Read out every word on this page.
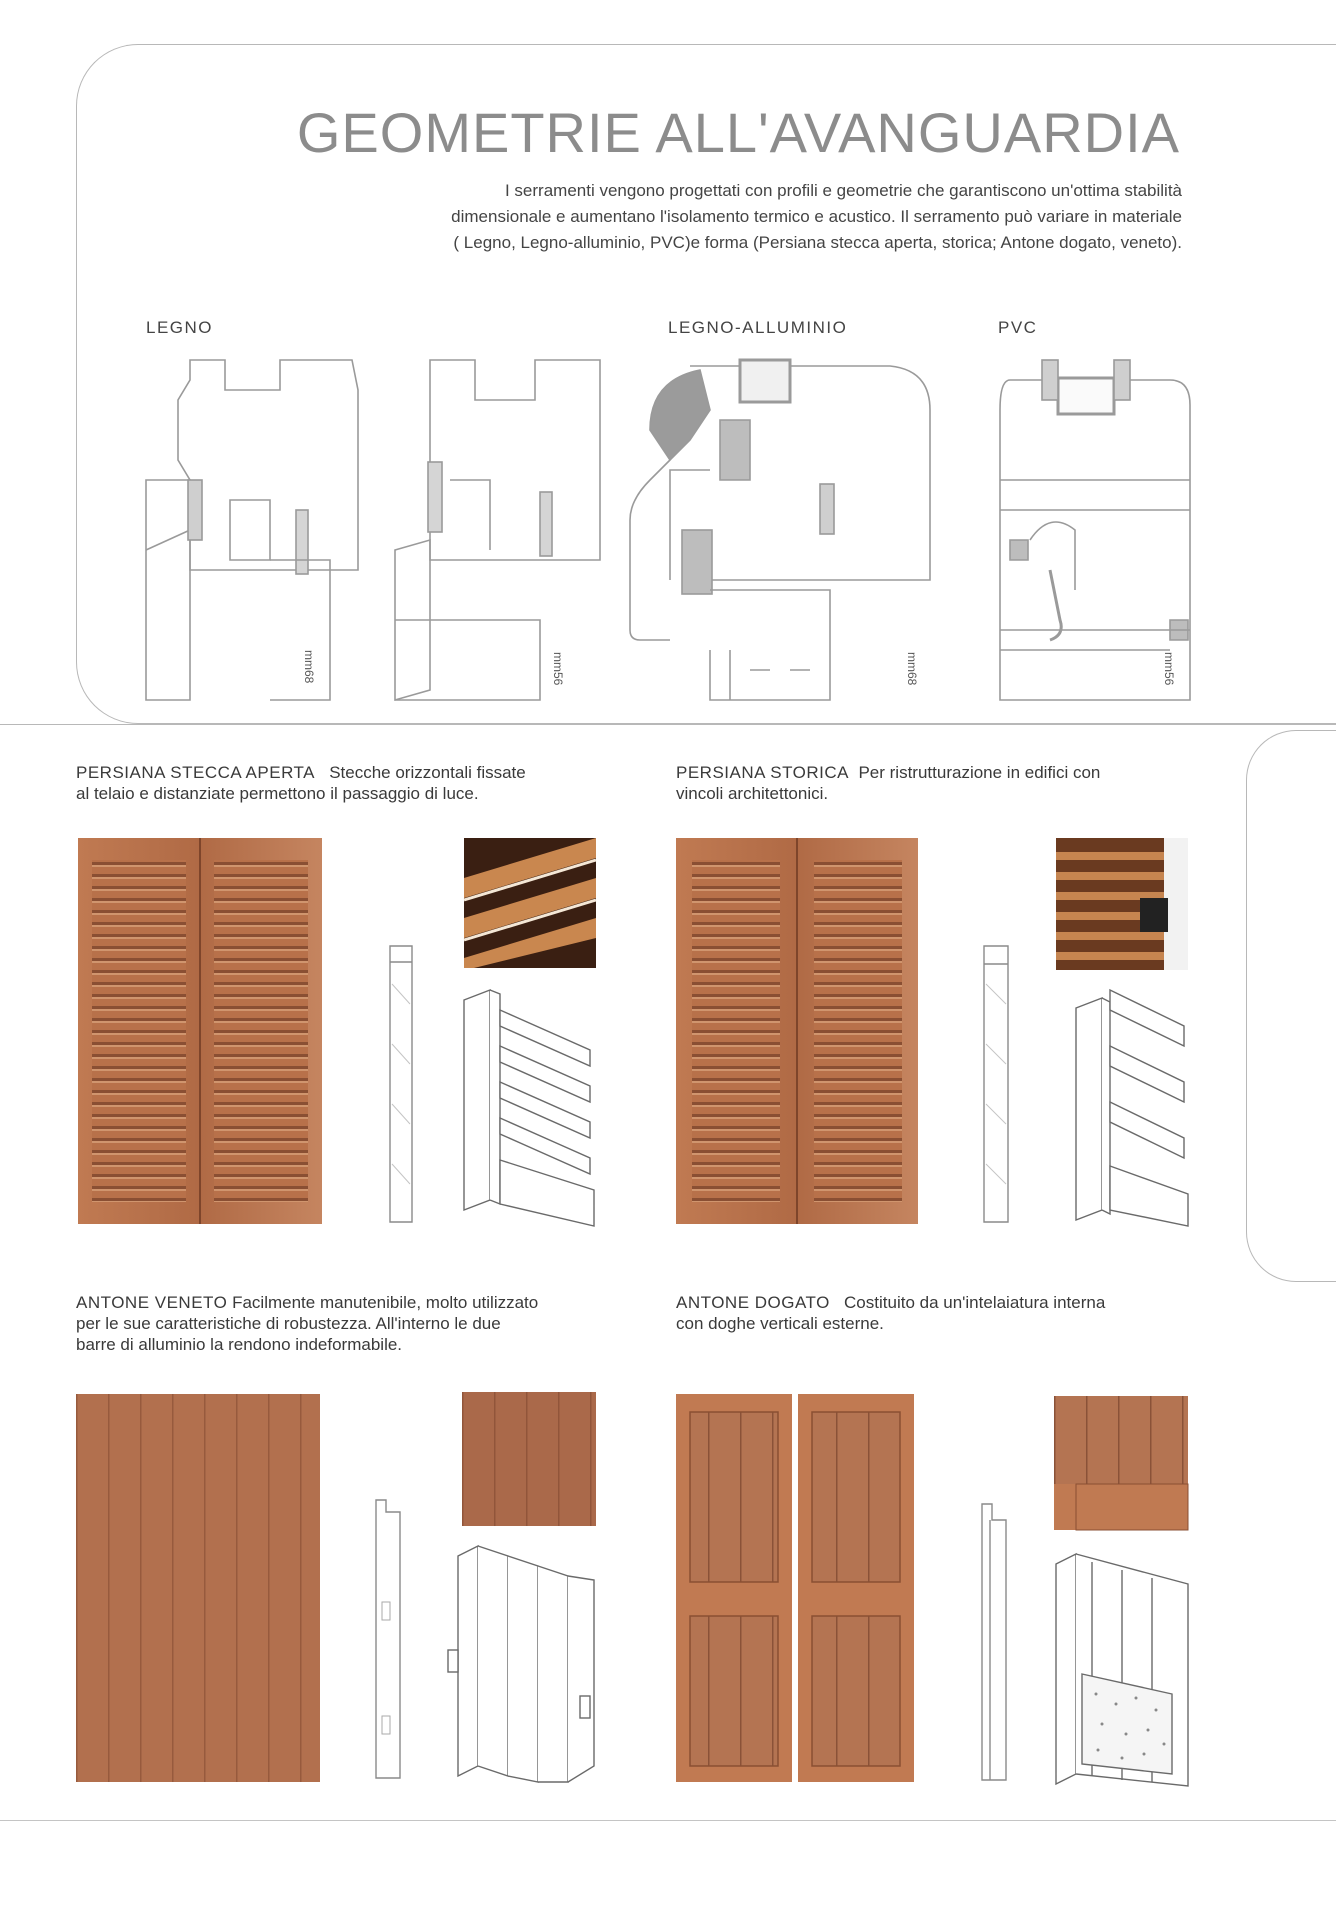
GEOMETRIE ALL'AVANGUARDIA
I serramenti vengono progettati con profili e geometrie che garantiscono un'ottima stabilità
dimensionale e aumentano l'isolamento termico e acustico. Il serramento può variare in materiale
( Legno, Legno-alluminio, PVC)e forma (Persiana stecca aperta, storica; Antone dogato, veneto).
LEGNO	LEGNO-ALLUMINIO	PVC
mm68	mm56	mm68	mm56
PERSIANA STECCA APERTA Stecche orizzontali fissate
al telaio e distanziate permettono il passaggio di luce.
PERSIANA STORICA Per ristrutturazione in edifici con
vincoli architettonici.
ANTONE VENETO Facilmente manutenibile, molto utilizzato
per le sue caratteristiche di robustezza. All'interno le due
barre di alluminio la rendono indeformabile.
ANTONE DOGATO Costituito da un'intelaiatura interna
con doghe verticali esterne.
